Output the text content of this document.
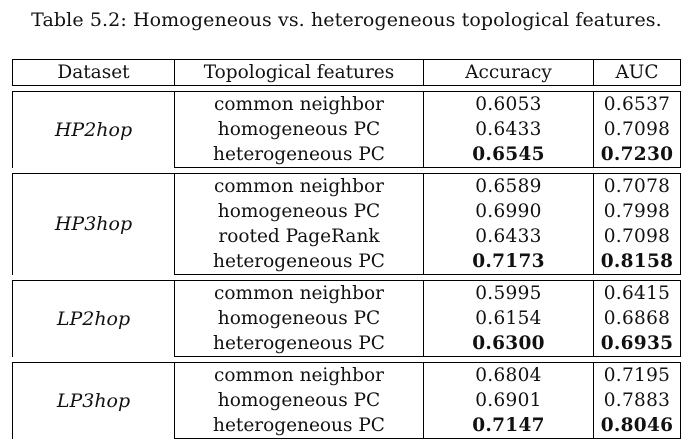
Table 5.2: Homogeneous vs. heterogeneous topological features.
Dataset	Topological features	Accuracy	AUC

HP2hop	common neighbor	0.6053	0.6537
	homogeneous PC	0.6433	0.7098
	heterogeneous PC	0.6545	0.7230

HP3hop	common neighbor	0.6589	0.7078
	homogeneous PC	0.6990	0.7998
	rooted PageRank	0.6433	0.7098
	heterogeneous PC	0.7173	0.8158

LP2hop	common neighbor	0.5995	0.6415
	homogeneous PC	0.6154	0.6868
	heterogeneous PC	0.6300	0.6935

LP3hop	common neighbor	0.6804	0.7195
	homogeneous PC	0.6901	0.7883
	heterogeneous PC	0.7147	0.8046
